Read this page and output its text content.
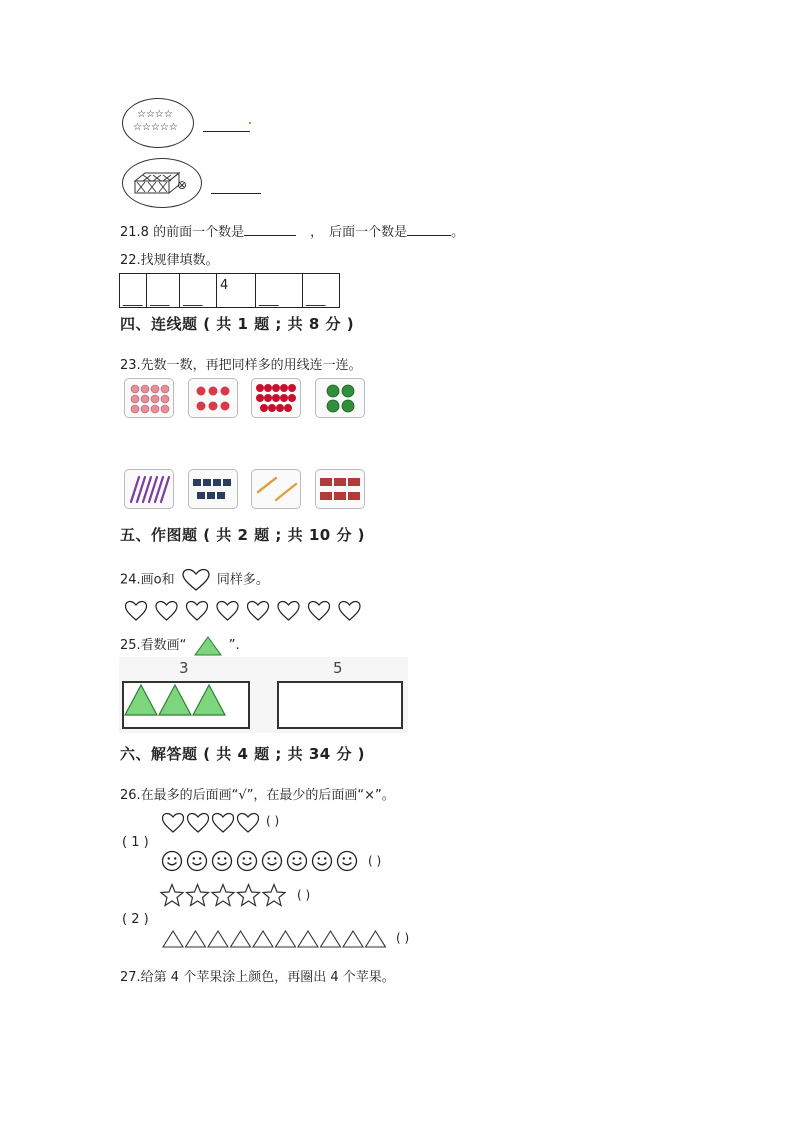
☆☆☆☆
☆☆☆☆☆
⊗
21.8 的前面一个数是	， 后面一个数是	。
22.找规律填数。
___	___	___	4	___	___
四、连线题 ( 共 1 题 ; 共 8 分 )
23.先数一数，再把同样多的用线连一连。
五、作图题 ( 共 2 题 ; 共 10 分 )
24.画o和	同样多。
25.看数画“	”.
3	5
六、解答题 ( 共 4 题 ; 共 34 分 )
26.在最多的后面画“√”，在最少的后面画“×”。
( )
( 1 )
( )
( )
( 2 )
( )
27.给第 4 个苹果涂上颜色，再圈出 4 个苹果。
